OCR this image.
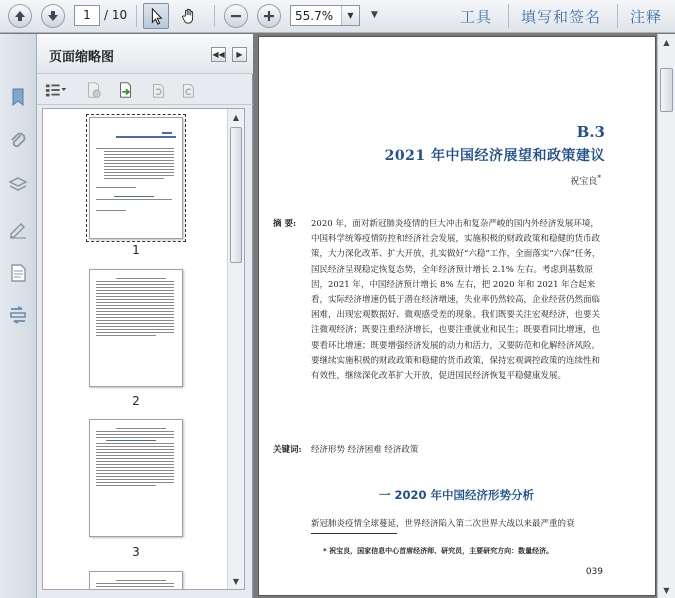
1	/ 10	55.7%	▼	▼	工具 填写和签名 注释
页面缩略图	◀◀	▶
1
2
3
▲
▼
B.3
2021 年中国经济展望和政策建议
祝宝良*
摘 要: 2020 年，面对新冠肺炎疫情的巨大冲击和复杂严峻的国内外经济发展环境，中国科学统筹疫情防控和经济社会发展，实施积极的财政政策和稳健的货币政策，大力深化改革、扩大开放，扎实做好“六稳”工作，全面落实“六保”任务，国民经济呈现稳定恢复态势，全年经济预计增长 2.1% 左右。考虑到基数原因，2021 年，中国经济预计增长 8% 左右，把 2020 年和 2021 年合起来看，实际经济增速仍低于潜在经济增速，失业率仍然较高，企业经营仍然面临困难，出现宏观数据好、微观感受差的现象。我们既要关注宏观经济，也要关注微观经济；既要注重经济增长，也要注重就业和民生；既要看同比增速，也要看环比增速；既要增强经济发展的动力和活力，又要防范和化解经济风险。要继续实施积极的财政政策和稳健的货币政策，保持宏观调控政策的连续性和有效性，继续深化改革扩大开放，促进国民经济恢复平稳健康发展。
关键词: 经济形势 经济困难 经济政策
一 2020 年中国经济形势分析
新冠肺炎疫情全球蔓延，世界经济陷入第二次世界大战以来最严重的衰
* 祝宝良，国家信息中心首席经济师、研究员，主要研究方向：数量经济。
039
▲
▼
